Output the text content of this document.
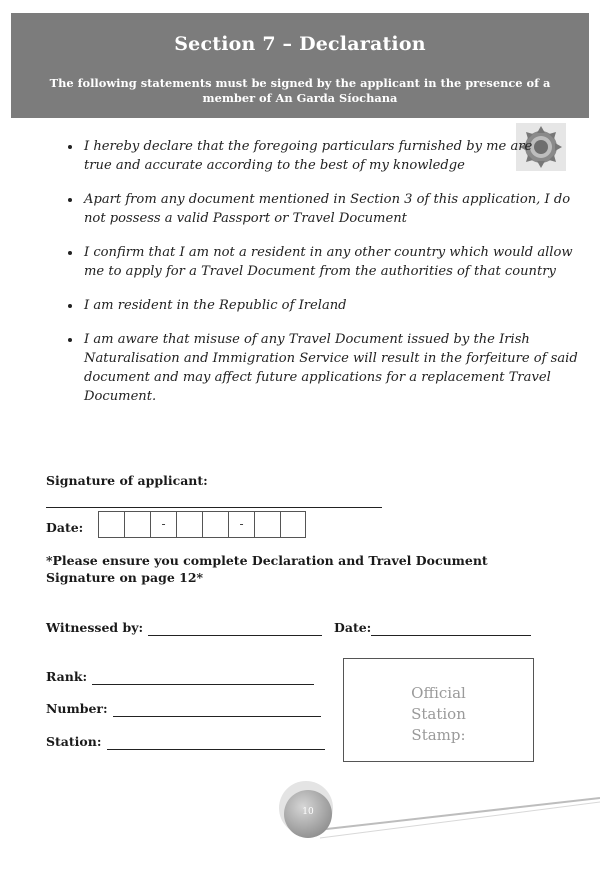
Section 7 – Declaration
The following statements must be signed by the applicant in the presence of a member of An Garda Síochana
• I hereby declare that the foregoing particulars furnished by me are true and accurate according to the best of my knowledge
• Apart from any document mentioned in Section 3 of this application, I do not possess a valid Passport or Travel Document
• I confirm that I am not a resident in any other country which would allow me to apply for a Travel Document from the authorities of that country
• I am resident in the Republic of Ireland
• I am aware that misuse of any Travel Document issued by the Irish Naturalisation and Immigration Service will result in the forfeiture of said document and may affect future applications for a replacement Travel Document.
Signature of applicant:
Date:	-	-
*Please ensure you complete Declaration and Travel Document Signature on page 12*
Witnessed by:	Date:
Rank:
Number:
Station:
Official
Station
Stamp:
10
